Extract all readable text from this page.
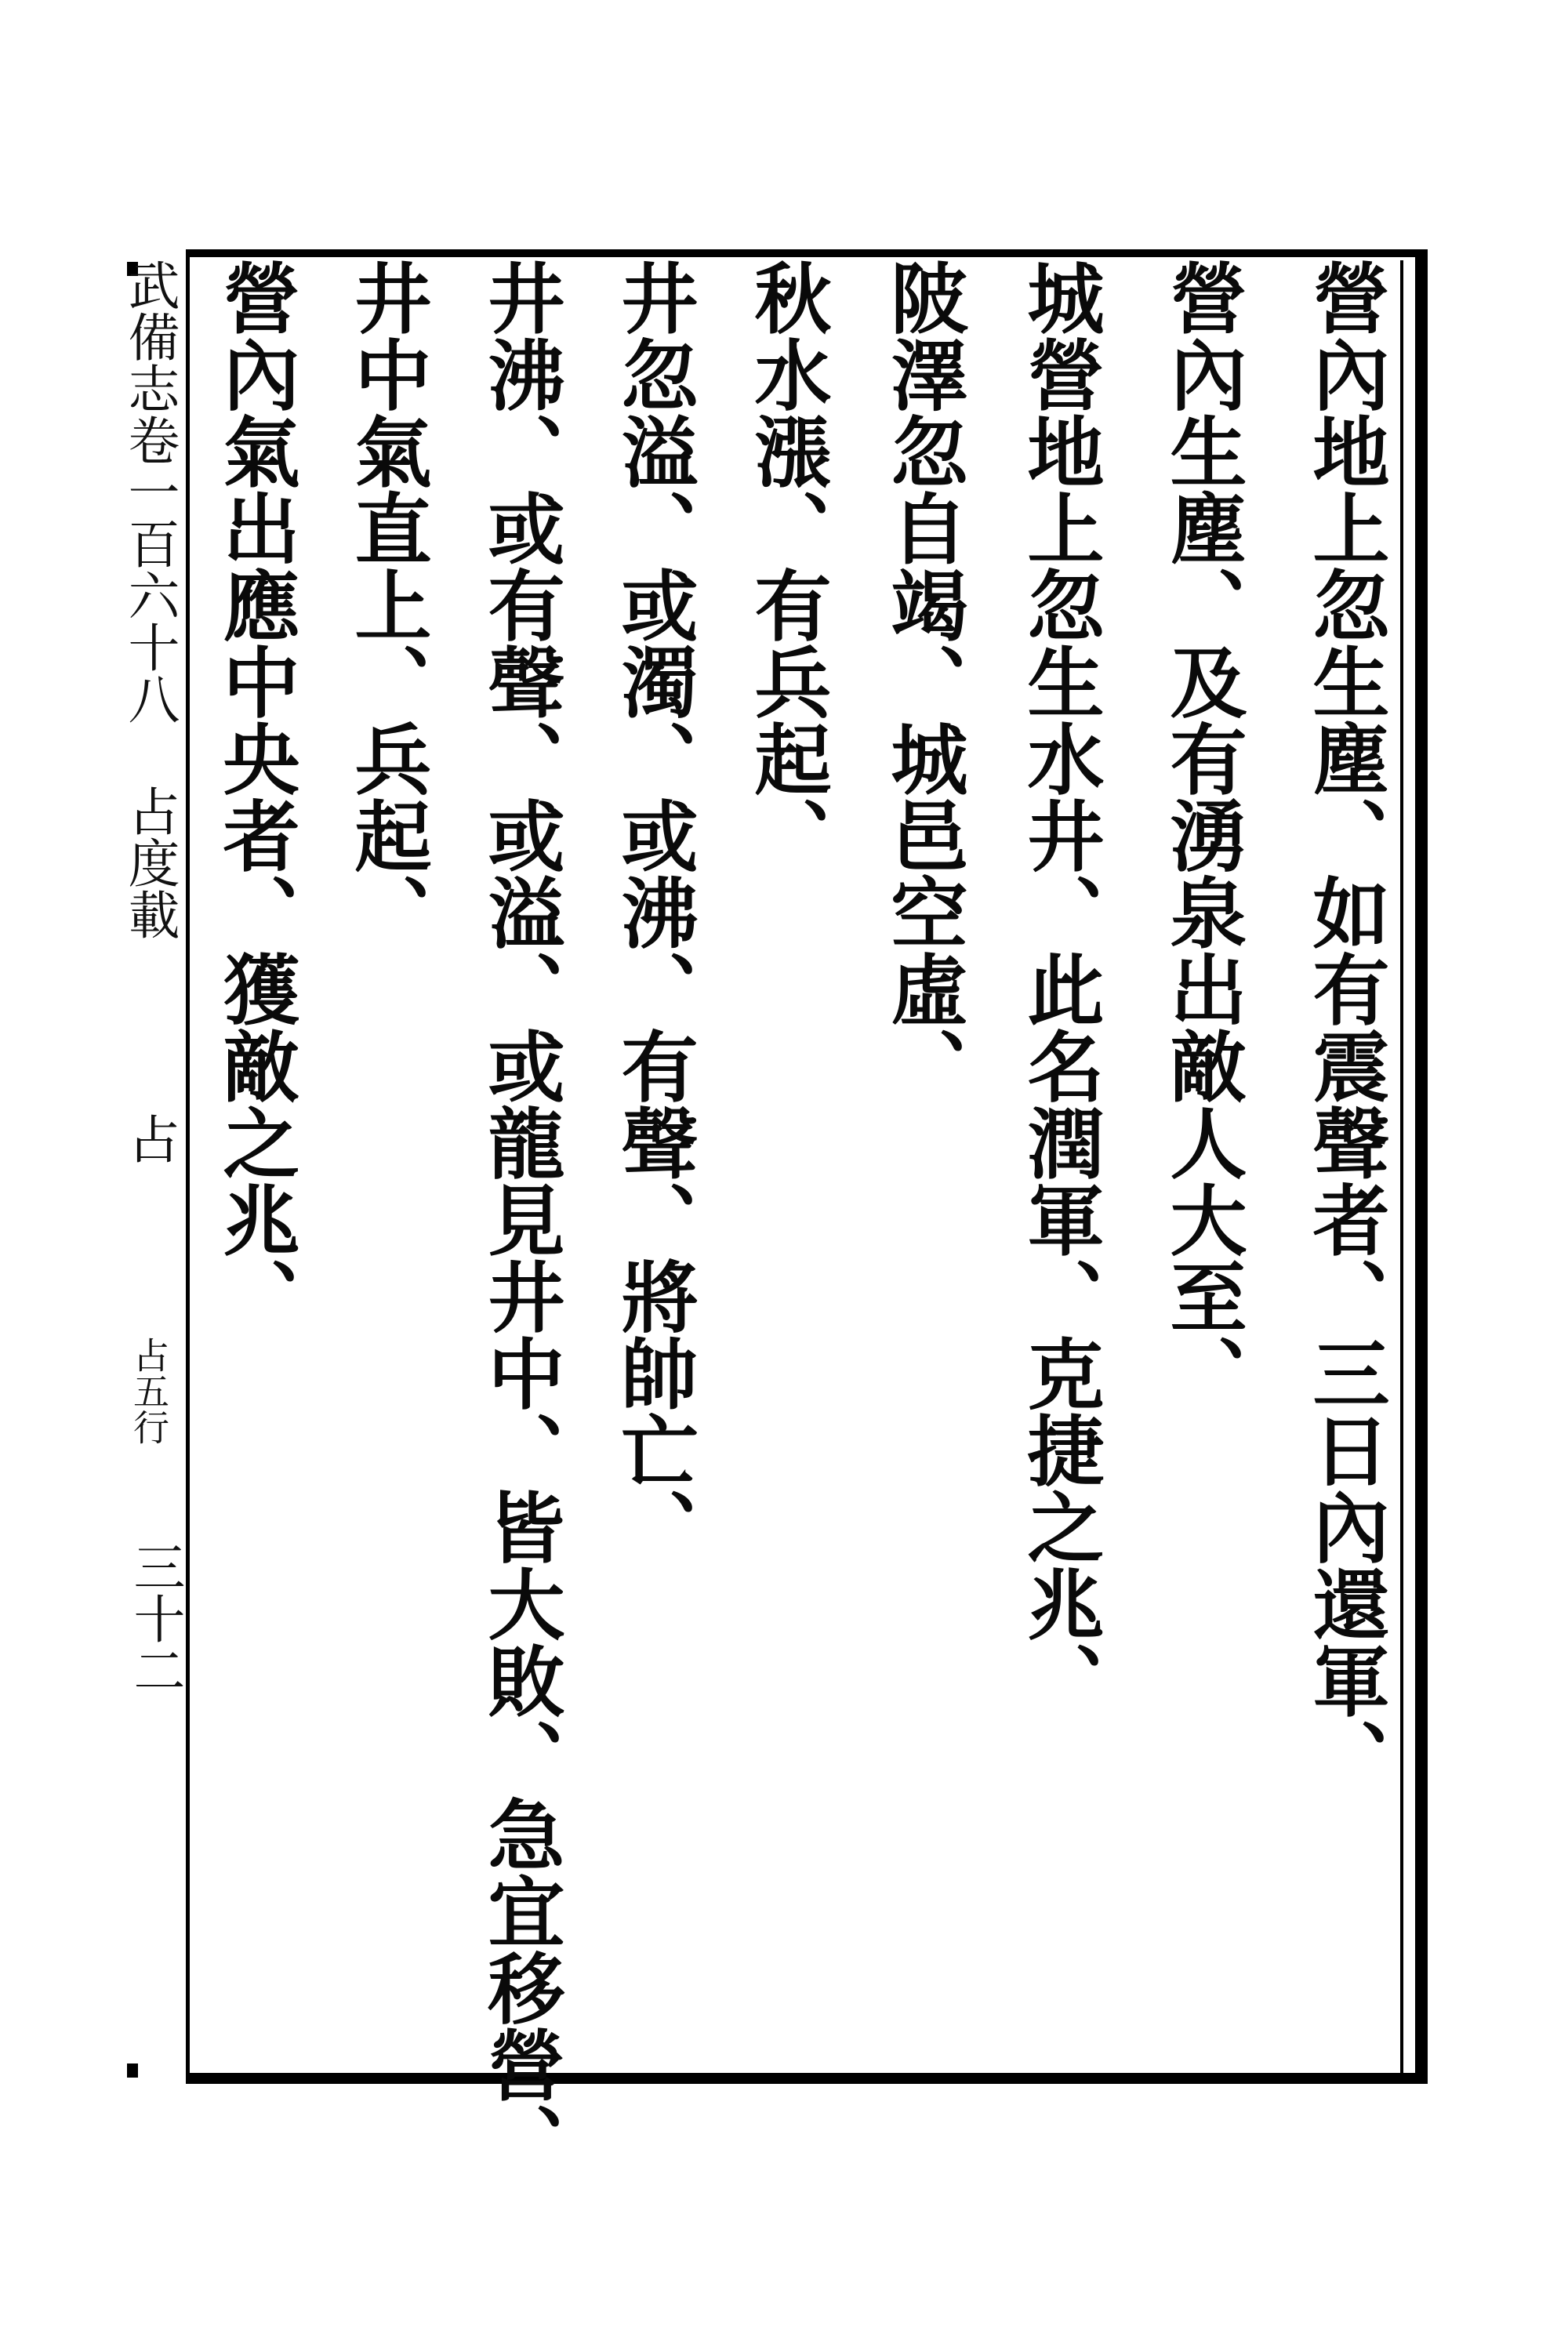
營內地上忽生塵、如有震聲者、三日內還軍、
營內生塵、及有湧泉出敵人大至、
城營地上忽生水井、此名潤軍、克捷之兆、
陂澤忽自竭、城邑空虛、
秋水漲、有兵起、
井忽溢、或濁、或沸、有聲、將帥亡、
井沸、或有聲、或溢、或龍見井中、皆大敗、急宜移營、
井中氣直上、兵起、
營內氣出應中央者、獲敵之兆、
武備志卷一百六十八 占度載 　 占 　 占五行
三十二
